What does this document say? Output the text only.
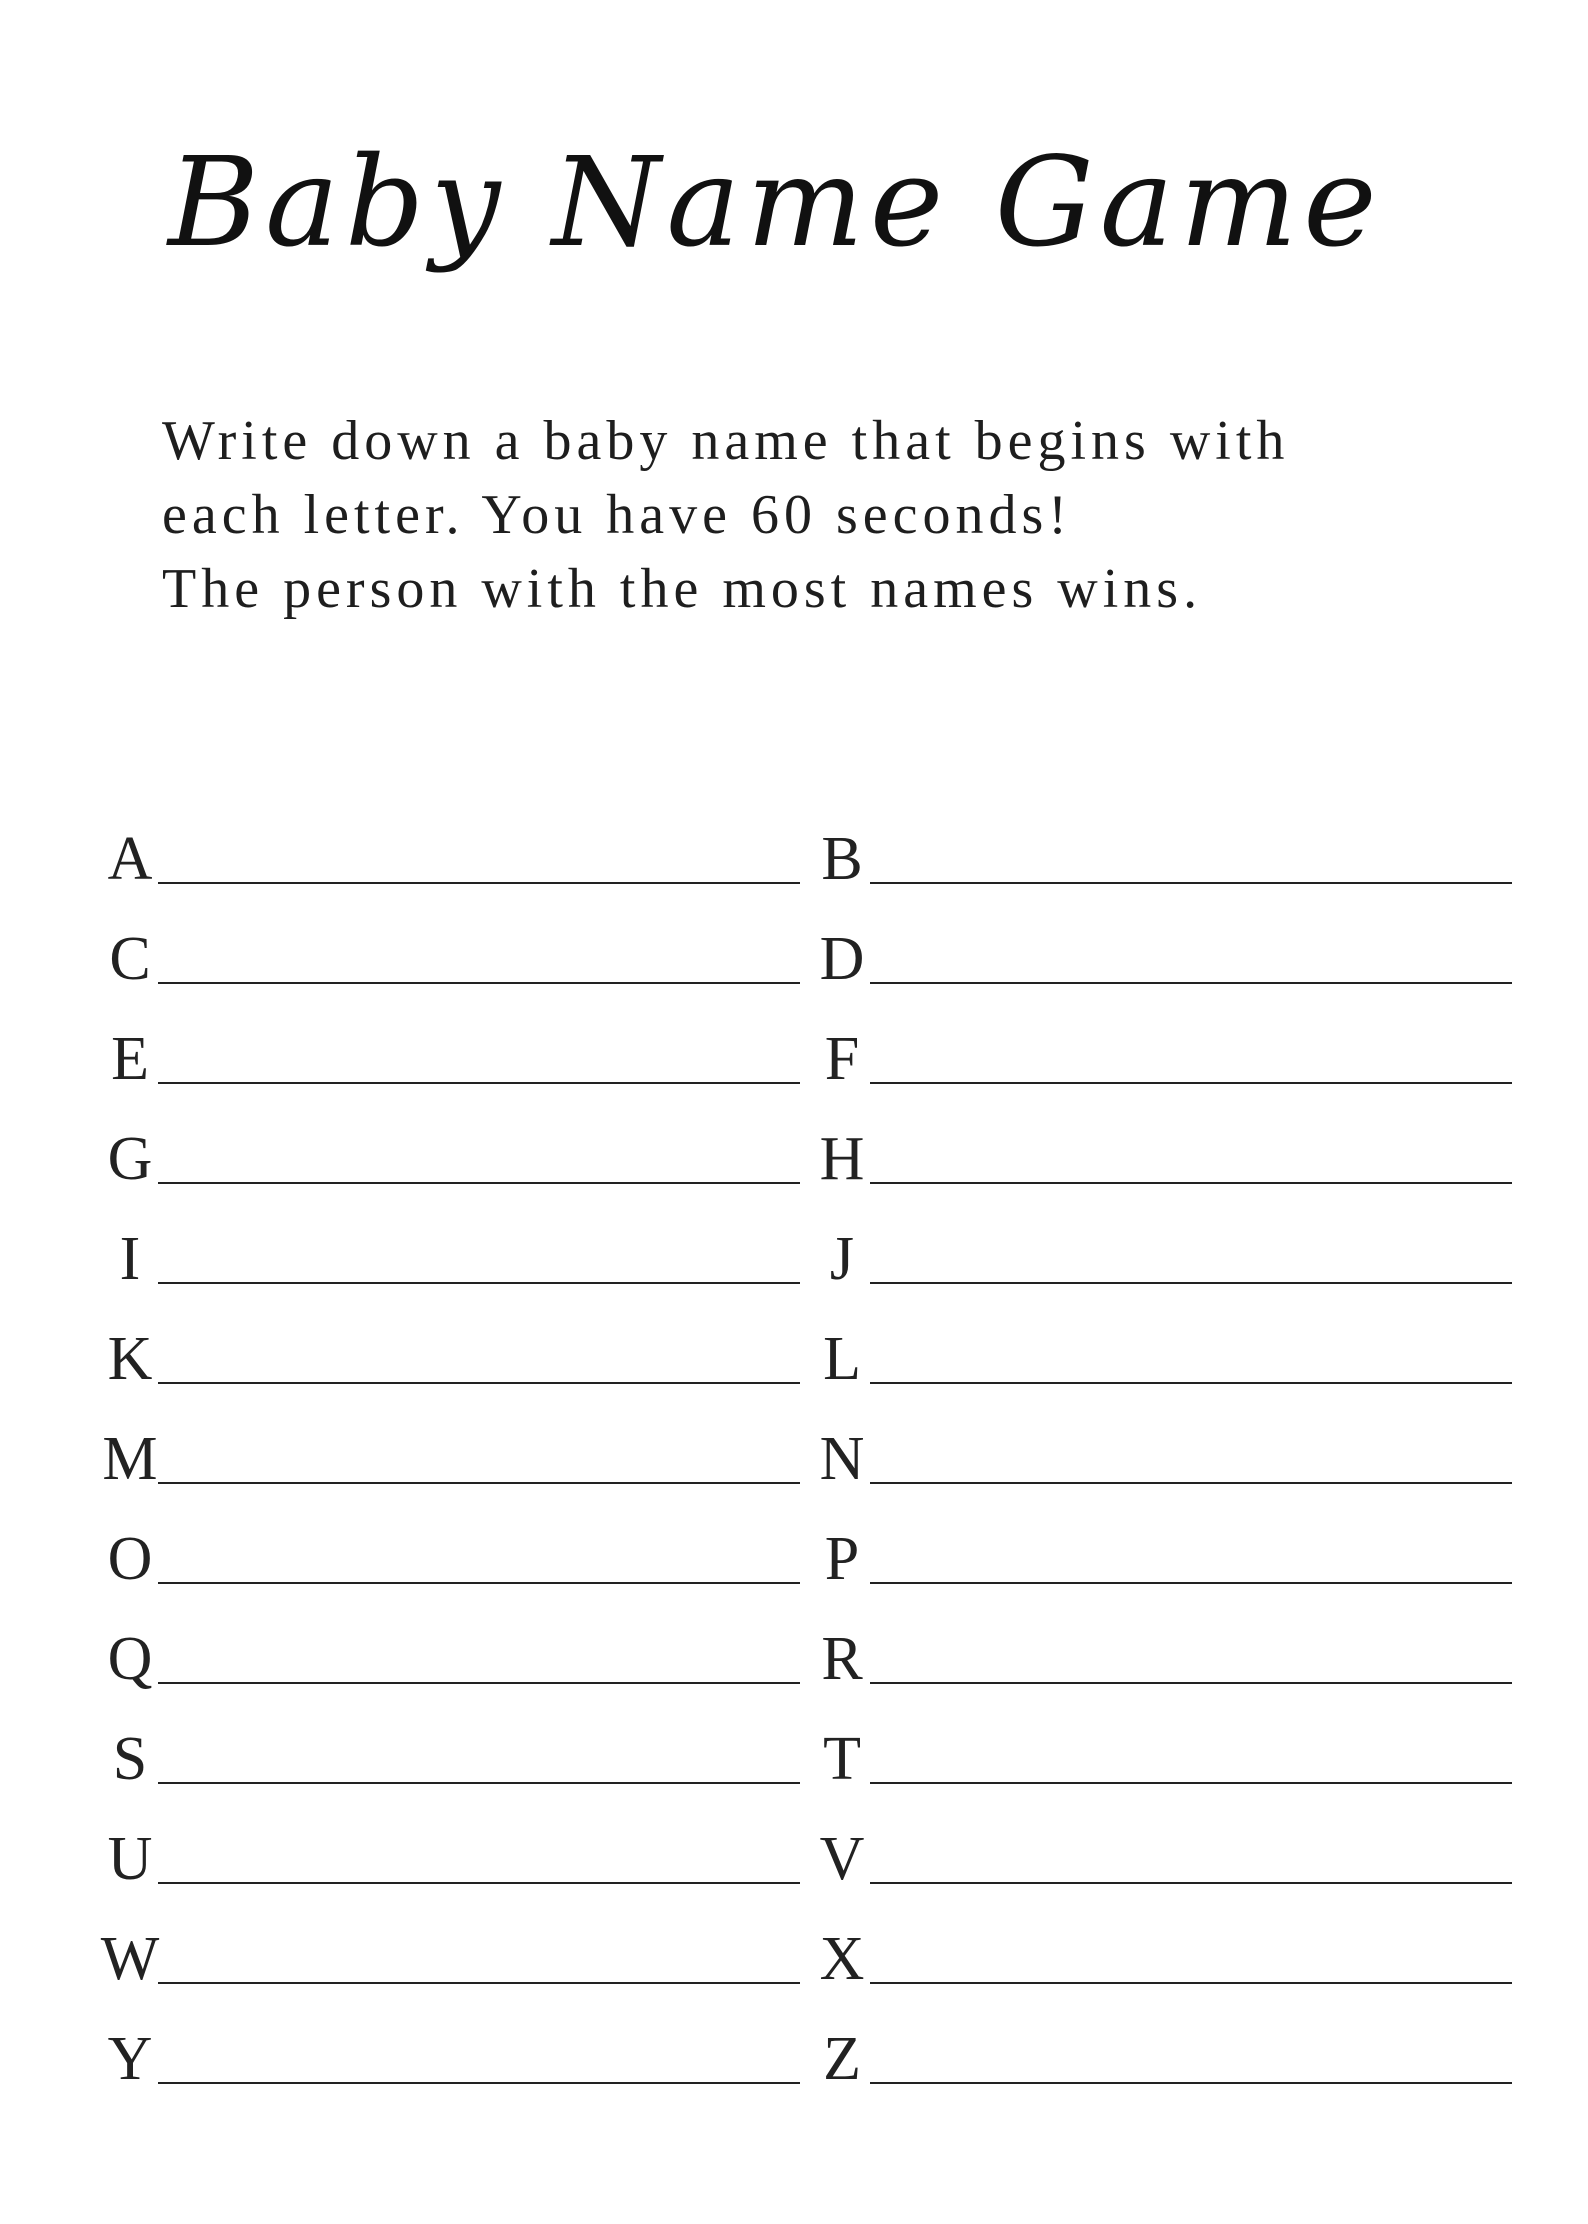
Baby Name Game
Write down a baby name that begins with
each letter. You have 60 seconds!
The person with the most names wins.
A	B
C	D
E	F
G	H
I	J
K	L
M	N
O	P
Q	R
S	T
U	V
W	X
Y	Z
